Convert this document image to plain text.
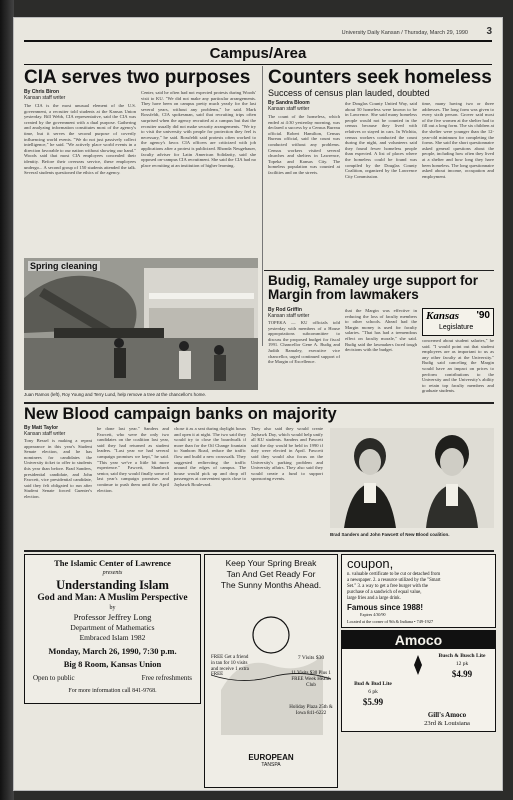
University Daily Kansan / Thursday, March 29, 1990 3
Campus/Area
CIA serves two purposes
By Chris Biron
Kansan staff writer
The CIA is the most unusual element of the U.S. government, a recruiter told students at the Kansas Union yesterday. Bill Webb, CIA representative, said the CIA was created by the government with a dual purpose. Gathering and analyzing information constitutes most of the agency's time, but it serves the second purpose of covertly influencing world events. "We do not just passively collect intelligence," he said. "We actively place world events in a direction favorable to our nation without showing our hand." Woods said that most CIA employees concealed their identity. Before their overseas service, these employees undergo... A second group of 150 students attended the talk. Several students questioned the ethics of the agency.
Center, said he often had not expected protests during Woods' visit to KU. "We did not make any particular arrangements. They have been on campus pretty much yearly for the last several years, without any problems," he said. Mark Rossfeldt, CIA spokesman, said that recruiting trips often surprised when the agency recruited at a campus but that the recruiter usually did not make security arrangements. "We try to visit the university with people for protection they feel is necessary," he said. Rossfeldt said protests often worked to the agency's favor. CIA officers are criticized with job applications after a protest is publicized. Rhonda Neugebauer, faculty adviser for Latin American Solidarity, said she opposed on-campus CIA recruitment. She said the CIA had no place recruiting at an institution of higher learning.
Counters seek homeless
Success of census plan lauded, doubted
By Sandra Bloom
Kansan staff writer
The count of the homeless, which ended at 4:30 yesterday morning, was declared a success by a Census Bureau official. Robert Hamilton, Census Bureau official, said the count was conducted without any problems. Census workers visited several churches and shelters in Lawrence, Topeka and Kansas City. The homeless population was counted at facilities and on the streets.
the Douglas County United Way, said about 50 homeless were known to be in Lawrence. She said many homeless people would not be counted in the census because they lived with relatives or stayed in cars. In Wichita, census workers conducted the count during the night, and volunteers said they found fewer homeless people than expected. A list of places where the homeless could be found was compiled by the Douglas County Coalition, organized by the Lawrence City Commission.
time, many having two or three addresses. The long form was given to every sixth person. Grover said most of the five women at the shelter had to fill out a long form. The six children at the shelter were younger than the 12-year-old minimum for completing the forms. She said the short questionnaire asked general questions about the people, including how often they lived at a shelter and how long they have been homeless. The long questionnaire asked about income, occupation and employment.
Spring cleaning
Juan Ramos (left), Roy Young and Terry Lund, help remove a tree at the chancellor's home.
Budig, Ramaley urge support for Margin from lawmakers
By Rod Griffin
Kansan staff writer
TOPEKA — KU officials told yesterday with members of a House appropriations subcommittee to discuss the proposed budget for fiscal 1991. Chancellor Gene A. Budig and Judith Ramaley, executive vice chancellor, urged continued support of the Margin of Excellence.
that the Margin was effective in reducing the loss of faculty members to other schools. Ahead had the Margin money is used for faculty salaries. "That has had a tremendous effect on faculty morale," she said. Budig said the lawmakers faced tough decisions with the budget.
Kansas '90
Legislature
concerned about student salaries," he said. "I would point out that student employees are as important to us as any other faculty at the University." Budig said canceling the Margin would have an impact on prices to perform contributions to the University and the University's ability to retain top faculty members and graduate students.
New Blood campaign banks on majority
By Matt Taylor
Kansan staff writer
Tony Bessel is making a repeat appearance in this year's Student Senate election, and he has nominees for candidates the University ticket to offer to students this year than before. Brad Sanders, presidential candidate, and John Fawcett, vice presidential candidate, said they felt obligated to run after Student Senate forced Guenter's election.
be done last year." Sanders and Fawcett, who were the only two candidates on the coalition last year, said they had returned as student leaders. "Last year we had several campaign promises we kept," he said. "This year we've a little bit more experience." Fawcett, Shanbeck senior, said they would finally some of last year's campaign promises and continue to push them until the April election.
chose it as a seat during daylight hours and open it at night. The two said they would try to close the boardwalk if more than for the Oil Change fountain to Sanborn Road, reduce the traffic flow and build a new crosswalk. They suggested redirecting the traffic around the edges of campus. The house would pick up and drop off passengers at convenient spots close to Jayhawk Boulevard.
They also said they would create Jayhawk Day, which would help unify all KU students. Sanders and Fawcett said the day would be held in 1990 if they were elected in April. Fawcett said they would also focus on the University's parking problem and University affairs. They also said they would create a fund to support sponsoring events.
Brad Sanders and John Fawcett of New Blood coalition.
The Islamic Center of Lawrence
presents
Understanding Islam
God and Man: A Muslim Perspective
by
Professor Jeffrey Long
Department of Mathematics
Embraced Islam 1982
Monday, March 26, 1990, 7:30 p.m.
Big 8 Room, Kansas Union
Open to public	Free refreshments
For more information call 841-9768.
Keep Your Spring Break
Tan And Get Ready For
The Sunny Months Ahead.
FREE Get a friend in tan for 10 visits and receive 1 extra FREE
7 Visits $30
11 Visits $30 Plus 1 FREE Week Health Club
EUROPEAN
TANSPA
Holiday Plaza 25th & Iowa 841-6222
coupon,
n. valuable certificate to be cut or detached from
a newspaper. 2. a resource utilized by the "Smart
Set." 3. a way to get a free burger with the
purchase of a sandwich of equal value,
large fries and a large drink.
Famous since 1988!
Expires 4/30/90
Located at the corner of 9th & Indiana • 749-1927
Amoco
Busch & Busch Lite
12 pk
$4.99
Bud & Bud Lite
6 pk
$5.99
Gill's Amoco
23rd & Louisiana
